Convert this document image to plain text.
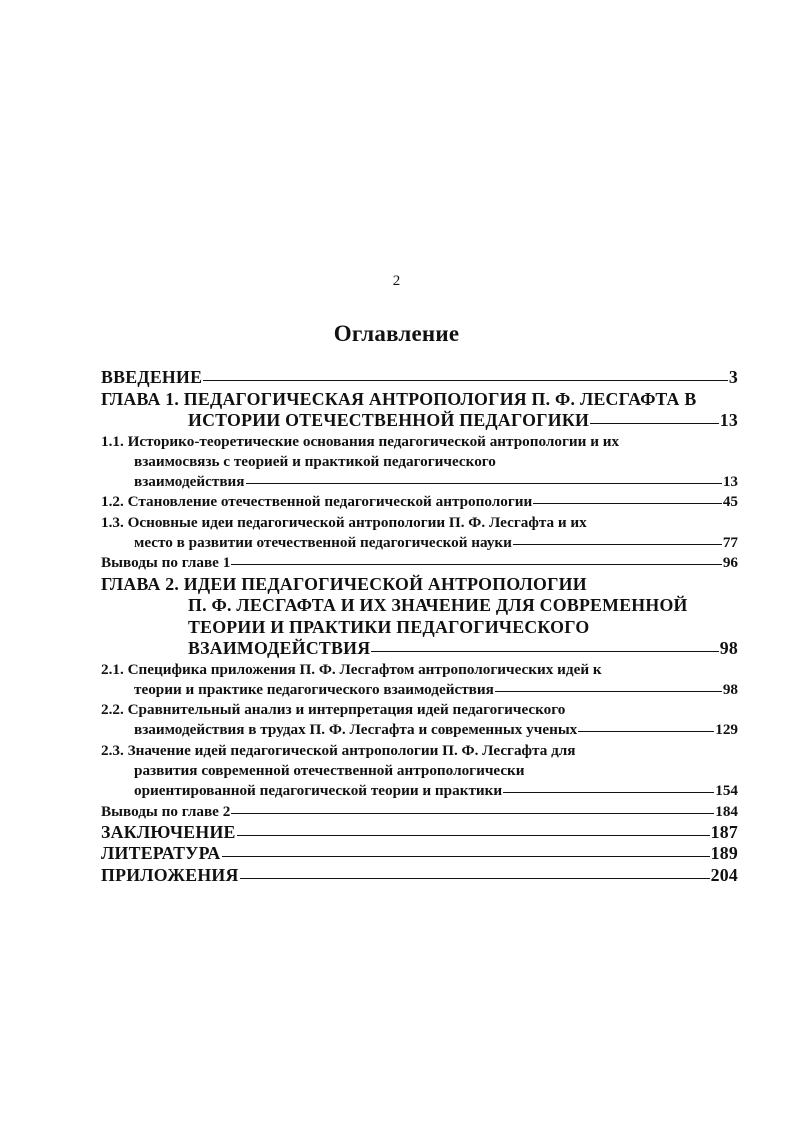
2
Оглавление
ВВЕДЕНИЕ	3
ГЛАВА 1. ПЕДАГОГИЧЕСКАЯ АНТРОПОЛОГИЯ П. Ф. ЛЕСГАФТА В
ИСТОРИИ ОТЕЧЕСТВЕННОЙ ПЕДАГОГИКИ	13
1.1. Историко-теоретические основания педагогической антропологии и их
взаимосвязь с теорией и практикой педагогического
взаимодействия	13
1.2. Становление отечественной педагогической антропологии	45
1.3. Основные идеи педагогической антропологии П. Ф. Лесгафта и их
место в развитии отечественной педагогической науки	77
Выводы по главе 1	96
ГЛАВА 2. ИДЕИ ПЕДАГОГИЧЕСКОЙ АНТРОПОЛОГИИ
П. Ф. ЛЕСГАФТА И ИХ ЗНАЧЕНИЕ ДЛЯ СОВРЕМЕННОЙ
ТЕОРИИ И ПРАКТИКИ ПЕДАГОГИЧЕСКОГО
ВЗАИМОДЕЙСТВИЯ	98
2.1. Специфика приложения П. Ф. Лесгафтом антропологических идей к
теории и практике педагогического взаимодействия	98
2.2. Сравнительный анализ и интерпретация идей педагогического
взаимодействия в трудах П. Ф. Лесгафта и современных ученых	129
2.3. Значение идей педагогической антропологии П. Ф. Лесгафта для
развития современной отечественной антропологически
ориентированной педагогической теории и практики	154
Выводы по главе 2	184
ЗАКЛЮЧЕНИЕ	187
ЛИТЕРАТУРА	189
ПРИЛОЖЕНИЯ	204
